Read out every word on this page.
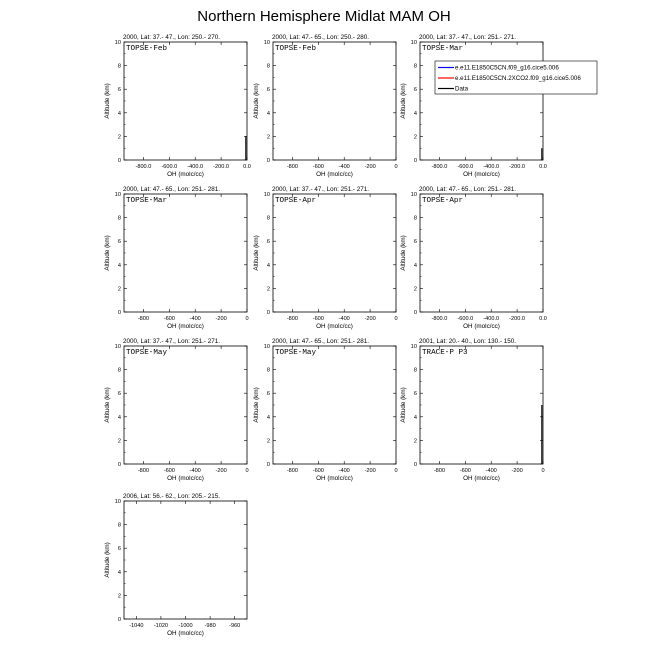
Northern Hemisphere Midlat MAM OH
2000, Lat: 37.- 47., Lon: 250.- 270.
TOPSE-Feb
0
2
4
6
8
10
-800.0 -600.0 -400.0 -200.0	0.0
OH (molc/cc)
Altitude (km)
2000, Lat: 47.- 65., Lon: 250.- 280.
TOPSE-Feb
0
2
4
6
8
10
-800	-600	-400	-200	0
OH (molc/cc)
Altitude (km)
2000, Lat: 37.- 47., Lon: 251.- 271.
TOPSE-Mar
0
2
4
6
8
10
-800.0 -600.0 -400.0 -200.0	0.0
OH (molc/cc)
Altitude (km)
2000, Lat: 47.- 65., Lon: 251.- 281.
TOPSE-Mar
0
2
4
6
8
10
-800	-600	-400	-200	0
OH (molc/cc)
Altitude (km)
2000, Lat: 37.- 47., Lon: 251.- 271.
TOPSE-Apr
0
2
4
6
8
10
-800	-600	-400	-200	0
OH (molc/cc)
Altitude (km)
2000, Lat: 47.- 65., Lon: 251.- 281.
TOPSE-Apr
0
2
4
6
8
10
-800.0 -600.0 -400.0 -200.0	0.0
OH (molc/cc)
Altitude (km)
2000, Lat: 37.- 47., Lon: 251.- 271.
TOPSE-May
0
2
4
6
8
10
-800	-600	-400	-200	0
OH (molc/cc)
Altitude (km)
2000, Lat: 47.- 65., Lon: 251.- 281.
TOPSE-May
0
2
4
6
8
10
-800	-600	-400	-200	0
OH (molc/cc)
Altitude (km)
2001, Lat: 20.- 40., Lon: 130.- 150.
TRACE-P P3
0
2
4
6
8
10
-800	-600	-400	-200	0
OH (molc/cc)
Altitude (km)
2006, Lat: 56.- 62., Lon: 205.- 215.
0
2
4
6
8
10
-1040 -1020 -1000 -980 -960
OH (molc/cc)
Altitude (km)
e.e11.E1850C5CN.f09_g16.cice5.006
e.e11.E1850C5CN.2XCO2.f09_g16.cice5.006
Data
